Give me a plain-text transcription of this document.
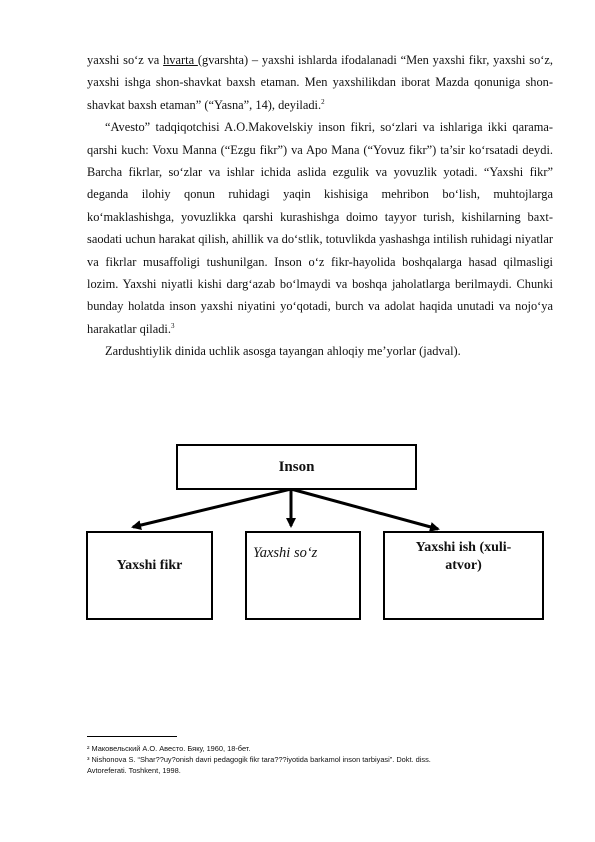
yaxshi so‘z va hvarta (gvarshta) – yaxshi ishlarda ifodalanadi “Men yaxshi fikr, yaxshi so‘z, yaxshi ishga shon-shavkat baxsh etaman. Men yaxshilikdan iborat Mazda qonuniga shon-shavkat baxsh etaman” (“Yasna”, 14), deyiladi.$^2$

“Avesto” tadqiqotchisi A.O.Makovelskiy inson fikri, so‘zlari va ishlariga ikki qarama-qarshi kuch: Voxu Manna (“Ezgu fikr”) va Apo Mana (“Yovuz fikr”) ta’sir ko‘rsatadi deydi. Barcha fikrlar, so‘zlar va ishlar ichida aslida ezgulik va yovuzlik yotadi. “Yaxshi fikr” deganda ilohiy qonun ruhidagi yaqin kishisiga mehribon bo‘lish, muhtojlarga ko‘maklashishga, yovuzlikka qarshi kurashishga doimo tayyor turish, kishilarning baxt-saodati uchun harakat qilish, ahillik va do‘stlik, totuvlikda yashashga intilish ruhidagi niyatlar va fikrlar musaffoligi tushunilgan. Inson o‘z fikr-hayolida boshqalarga hasad qilmasligi lozim. Yaxshi niyatli kishi darg‘azab bo‘lmaydi va boshqa jaholatlarga berilmaydi. Chunki bunday holatda inson yaxshi niyatini yo‘qotadi, burch va adolat haqida unutadi va nojo‘ya harakatlar qiladi.$^3$

Zardushtiylik dinida uchlik asosga tayangan ahloqiy me’yorlar (jadval).

Inson
Yaxshi fikr
Yaxshi so‘z	Yaxshi ish (xuli-atvor)

² Маковельский А.О. Авесто. Бяку, 1960, 18-бет.

³ Nishonova S. “Shar??uy?onish davri pedagogik fikr tara???iyotida barkamol inson tarbiyasi”. Dokt. diss.

Avtoreferati. Toshkent, 1998.
